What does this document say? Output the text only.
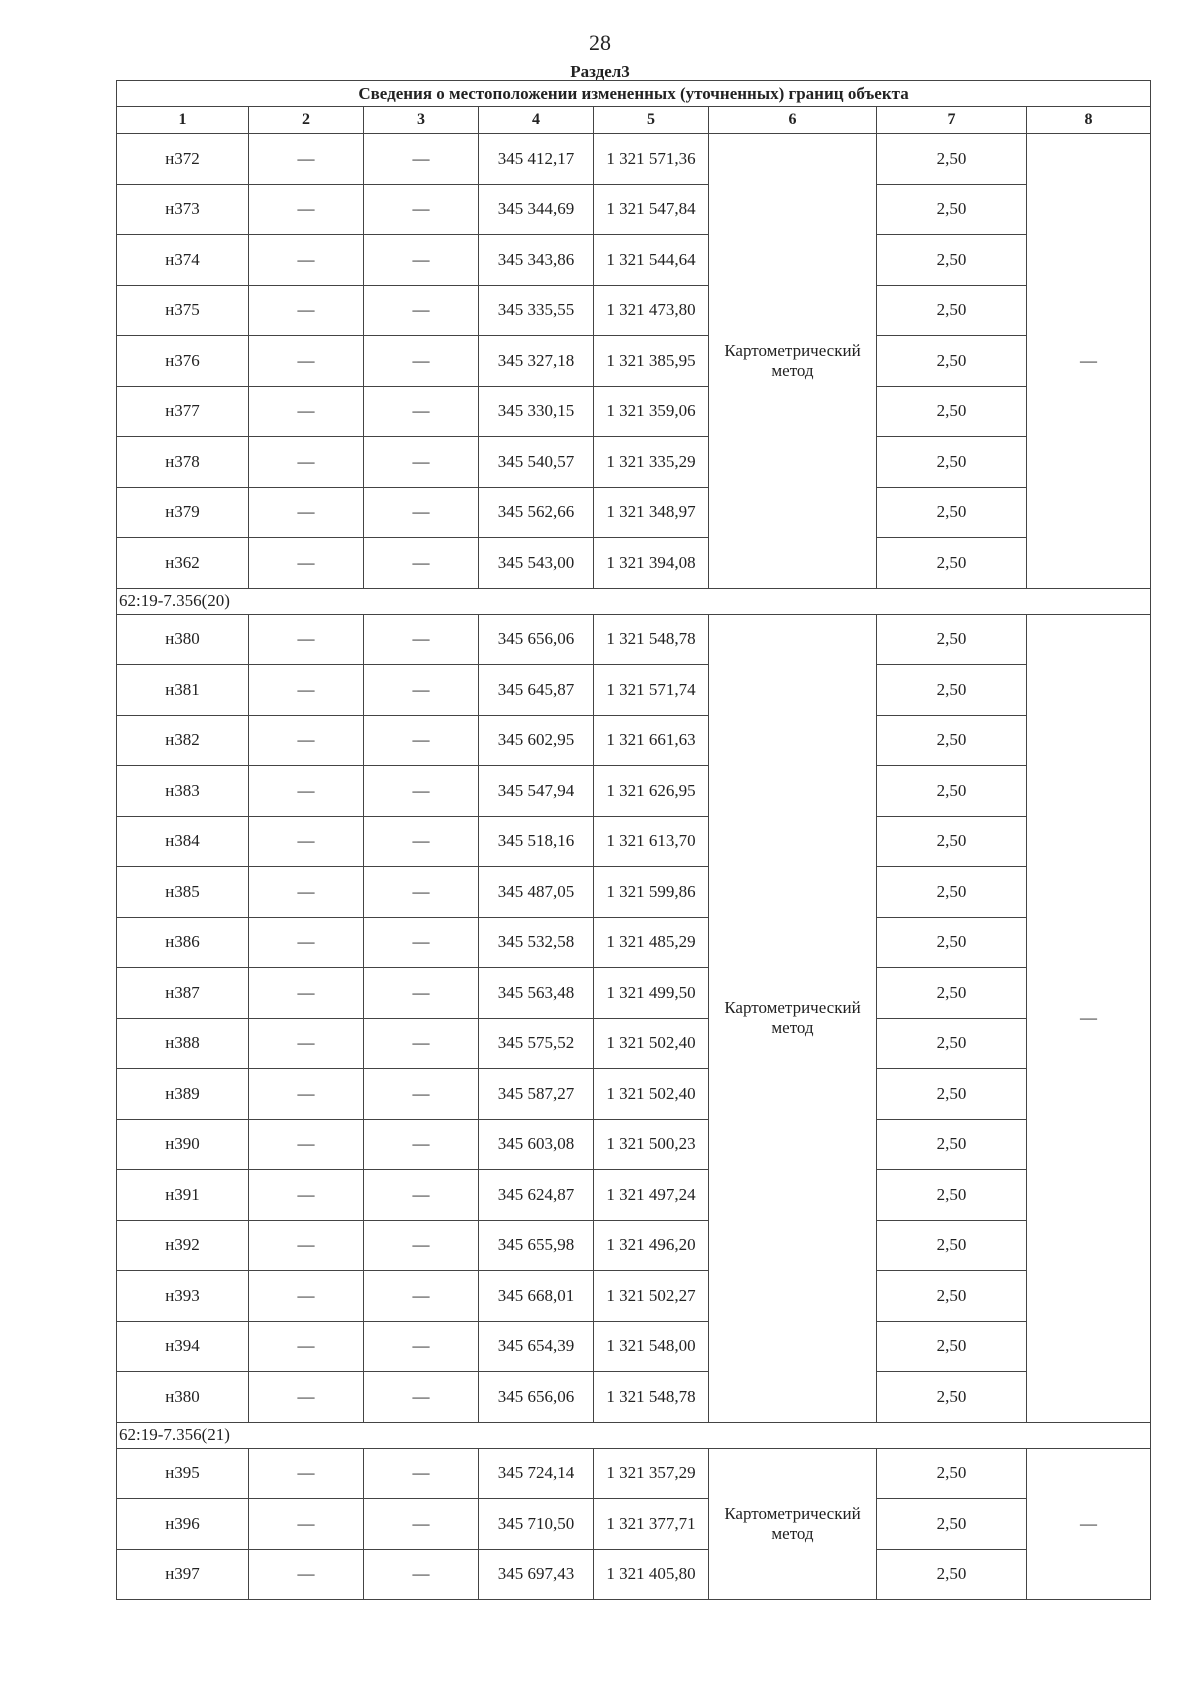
28
Раздел3
Сведения о местоположении измененных (уточненных) границ объекта							
1	2	3	4	5	6	7	8
н372	—	—	345 412,17	1 321 571,36	Картометрический метод	2,50	—
н373	—	—	345 344,69	1 321 547,84		2,50	
н374	—	—	345 343,86	1 321 544,64		2,50	
н375	—	—	345 335,55	1 321 473,80		2,50	
н376	—	—	345 327,18	1 321 385,95		2,50	
н377	—	—	345 330,15	1 321 359,06		2,50	
н378	—	—	345 540,57	1 321 335,29		2,50	
н379	—	—	345 562,66	1 321 348,97		2,50	
н362	—	—	345 543,00	1 321 394,08		2,50	
62:19-7.356(20)							
н380	—	—	345 656,06	1 321 548,78	Картометрический метод	2,50	—
н381	—	—	345 645,87	1 321 571,74		2,50	
н382	—	—	345 602,95	1 321 661,63		2,50	
н383	—	—	345 547,94	1 321 626,95		2,50	
н384	—	—	345 518,16	1 321 613,70		2,50	
н385	—	—	345 487,05	1 321 599,86		2,50	
н386	—	—	345 532,58	1 321 485,29		2,50	
н387	—	—	345 563,48	1 321 499,50		2,50	
н388	—	—	345 575,52	1 321 502,40		2,50	
н389	—	—	345 587,27	1 321 502,40		2,50	
н390	—	—	345 603,08	1 321 500,23		2,50	
н391	—	—	345 624,87	1 321 497,24		2,50	
н392	—	—	345 655,98	1 321 496,20		2,50	
н393	—	—	345 668,01	1 321 502,27		2,50	
н394	—	—	345 654,39	1 321 548,00		2,50	
н380	—	—	345 656,06	1 321 548,78		2,50	
62:19-7.356(21)							
н395	—	—	345 724,14	1 321 357,29	Картометрический метод	2,50	—
н396	—	—	345 710,50	1 321 377,71		2,50	
н397	—	—	345 697,43	1 321 405,80		2,50	
